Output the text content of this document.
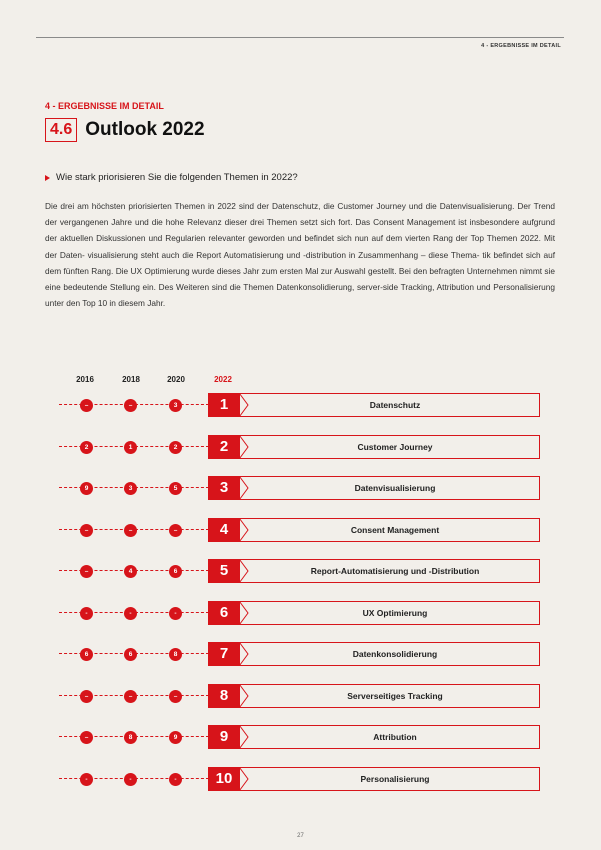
4 - ERGEBNISSE IM DETAIL
4 - ERGEBNISSE IM DETAIL
4.6 Outlook 2022
Wie stark priorisieren Sie die folgenden Themen in 2022?

Die drei am höchsten priorisierten Themen in 2022 sind der Datenschutz, die Customer Journey und die Datenvisualisierung. Der Trend der vergangenen Jahre und die hohe Relevanz dieser drei Themen setzt sich fort. Das Consent Management ist insbesondere aufgrund der aktuellen Diskussionen und Regularien relevanter geworden und befindet sich nun auf dem vierten Rang der Top Themen 2022. Mit der Daten- visualisierung steht auch die Report Automatisierung und -distribution in Zusammenhang – diese Thema- tik befindet sich auf dem fünften Rang. Die UX Optimierung wurde dieses Jahr zum ersten Mal zur Auswahl gestellt. Bei den befragten Unternehmen nimmt sie eine bedeutende Stellung ein. Des Weiteren sind die Themen Datenkonsolidierung, server-side Tracking, Attribution und Personalisierung unter den Top 10 in diesem Jahr.

2016	2018	2020	2022
–	–	3	1	Datenschutz
2	1	2	2	Customer Journey
9	3	5	3	Datenvisualisierung
–	–	–	4	Consent Management
–	4	6	5	Report-Automatisierung und -Distribution
-	-	-	6	UX Optimierung
6	6	8	7	Datenkonsolidierung
–	–	–	8	Serverseitiges Tracking
–	8	9	9	Attribution
-	-	-	10	Personalisierung
27
